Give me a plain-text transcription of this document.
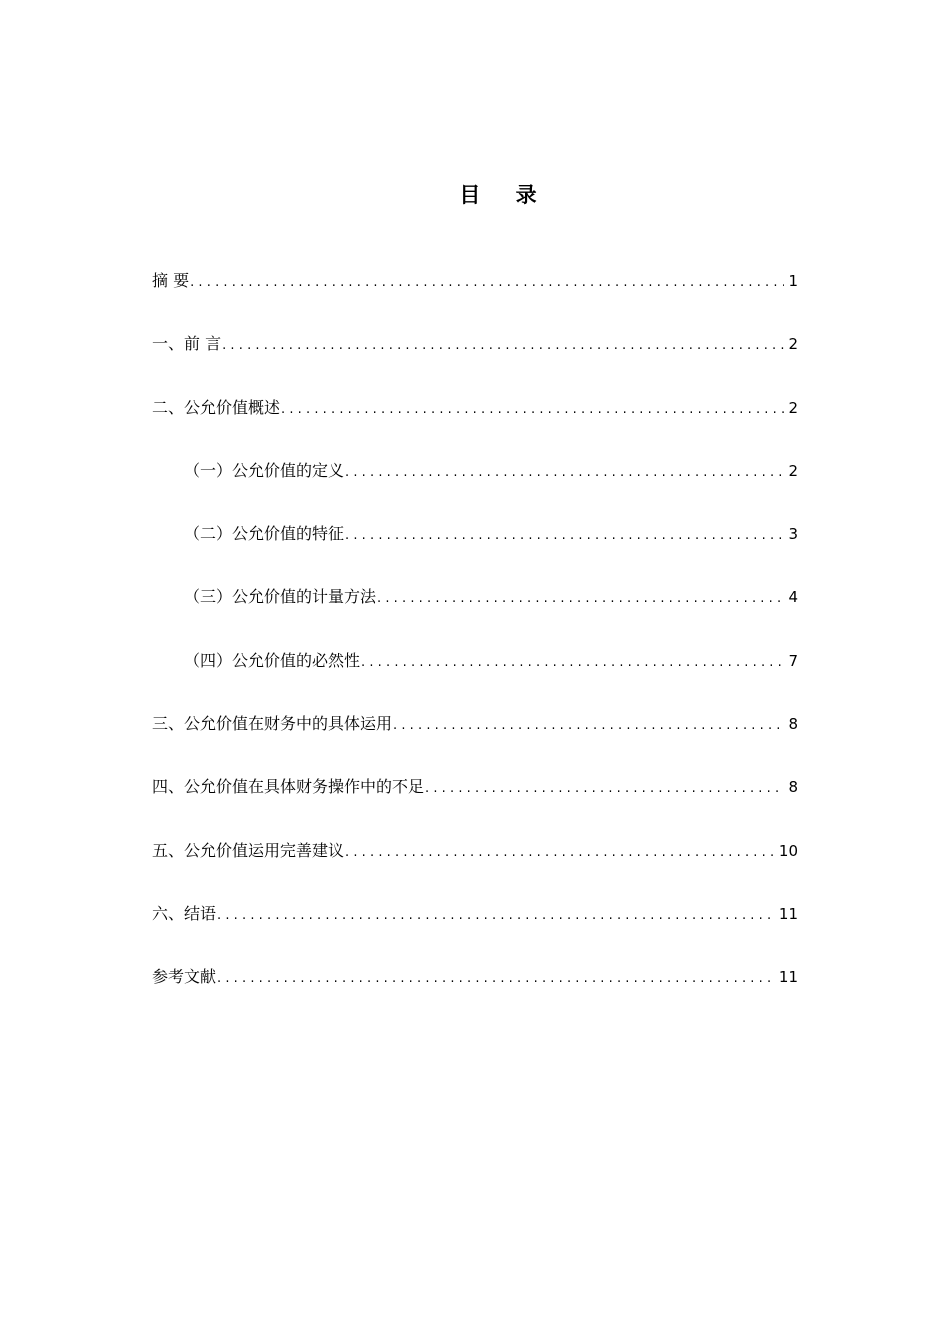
目 录
摘 要 .....	1
一、前 言 .....	2
二、公允价值概述 .....	2
（一）公允价值的定义 .....	2
（二）公允价值的特征 .....	3
（三）公允价值的计量方法 .....	4
（四）公允价值的必然性 .....	7
三、公允价值在财务中的具体运用 .....	8
四、公允价值在具体财务操作中的不足 .....	8
五、公允价值运用完善建议 .....	10
六、结语 .....	11
参考文献 .....	11
